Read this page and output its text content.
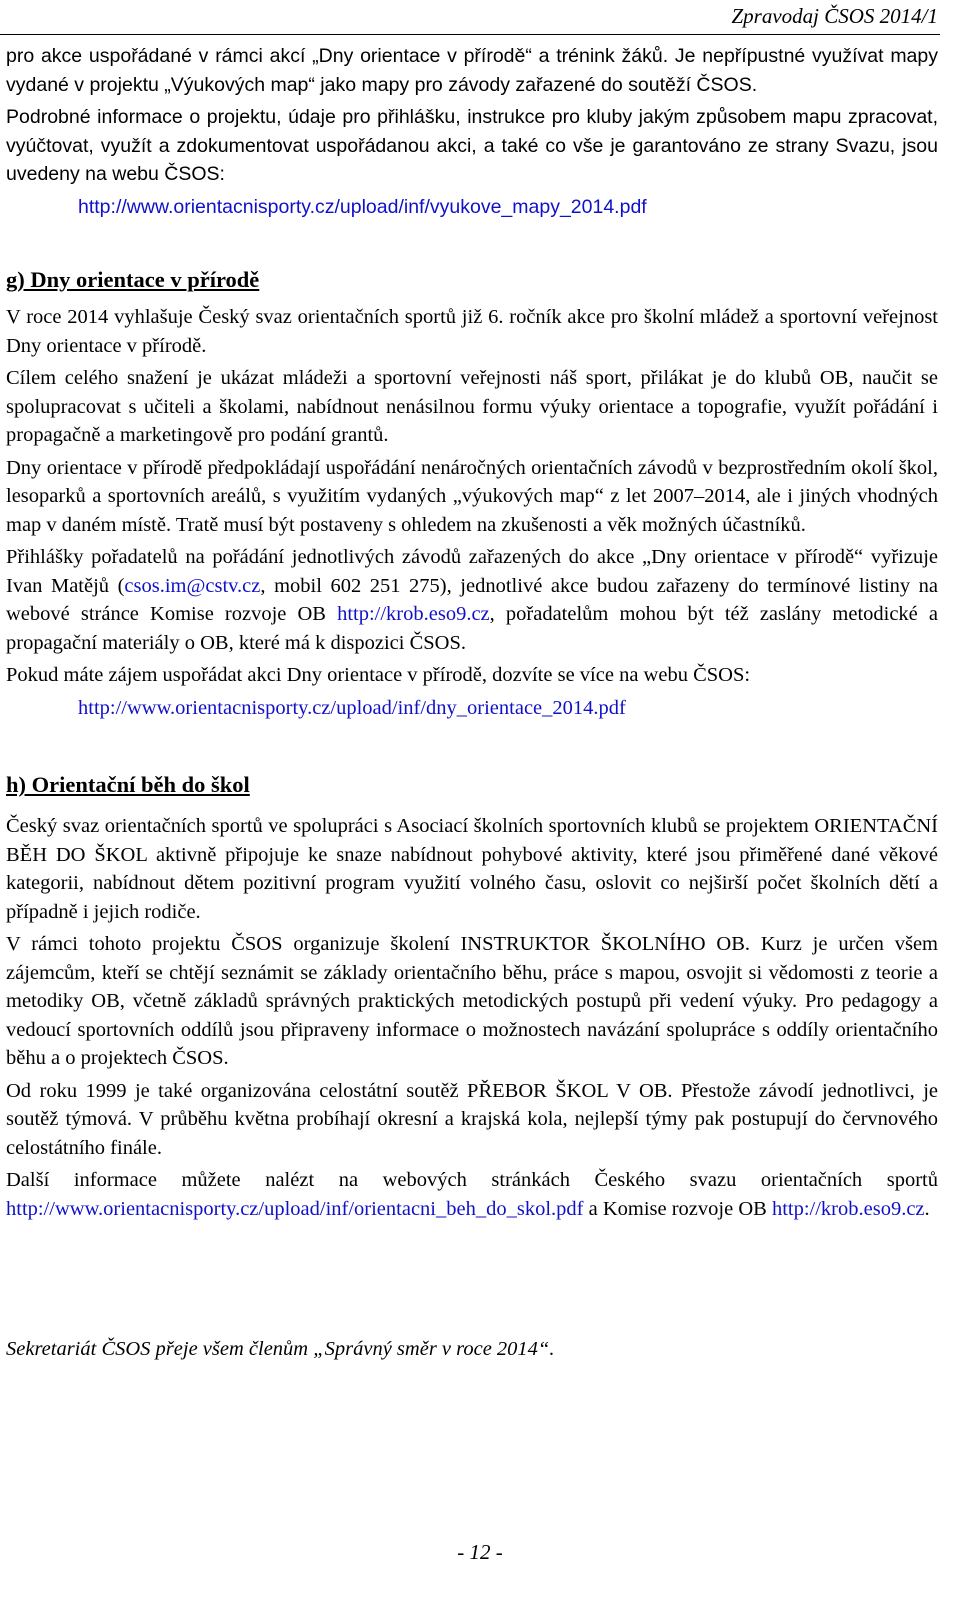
Zpravodaj ČSOS 2014/1

pro akce uspořádané v rámci akcí „Dny orientace v přírodě“ a trénink žáků. Je nepřípustné využívat mapy vydané v projektu „Výukových map“ jako mapy pro závody zařazené do soutěží ČSOS.

Podrobné informace o projektu, údaje pro přihlášku, instrukce pro kluby jakým způsobem mapu zpracovat, vyúčtovat, využít a zdokumentovat uspořádanou akci, a také co vše je garantováno ze strany Svazu, jsou uvedeny na webu ČSOS:

http://www.orientacnisporty.cz/upload/inf/vyukove_mapy_2014.pdf

g) Dny orientace v přírodě

V roce 2014 vyhlašuje Český svaz orientačních sportů již 6. ročník akce pro školní mládež a sportovní veřejnost Dny orientace v přírodě.

Cílem celého snažení je ukázat mládeži a sportovní veřejnosti náš sport, přilákat je do klubů OB, naučit se spolupracovat s učiteli a školami, nabídnout nenásilnou formu výuky orientace a topografie, využít pořádání i propagačně a marketingově pro podání grantů.

Dny orientace v přírodě předpokládají uspořádání nenáročných orientačních závodů v bezprostředním okolí škol, lesoparků a sportovních areálů, s využitím vydaných „výukových map“ z let 2007–2014, ale i jiných vhodných map v daném místě. Tratě musí být postaveny s ohledem na zkušenosti a věk možných účastníků.

Přihlášky pořadatelů na pořádání jednotlivých závodů zařazených do akce „Dny orientace v přírodě“ vyřizuje Ivan Matějů (csos.im@cstv.cz, mobil 602 251 275), jednotlivé akce budou zařazeny do termínové listiny na webové stránce Komise rozvoje OB http://krob.eso9.cz, pořadatelům mohou být též zaslány metodické a propagační materiály o OB, které má k dispozici ČSOS.

Pokud máte zájem uspořádat akci Dny orientace v přírodě, dozvíte se více na webu ČSOS:

http://www.orientacnisporty.cz/upload/inf/dny_orientace_2014.pdf

h) Orientační běh do škol

Český svaz orientačních sportů ve spolupráci s Asociací školních sportovních klubů se projektem ORIENTAČNÍ BĚH DO ŠKOL aktivně připojuje ke snaze nabídnout pohybové aktivity, které jsou přiměřené dané věkové kategorii, nabídnout dětem pozitivní program využití volného času, oslovit co nejširší počet školních dětí a případně i jejich rodiče.

V rámci tohoto projektu ČSOS organizuje školení INSTRUKTOR ŠKOLNÍHO OB. Kurz je určen všem zájemcům, kteří se chtějí seznámit se základy orientačního běhu, práce s mapou, osvojit si vědomosti z teorie a metodiky OB, včetně základů správných praktických metodických postupů při vedení výuky. Pro pedagogy a vedoucí sportovních oddílů jsou připraveny informace o možnostech navázání spolupráce s oddíly orientačního běhu a o projektech ČSOS.

Od roku 1999 je také organizována celostátní soutěž PŘEBOR ŠKOL V OB. Přestože závodí jednotlivci, je soutěž týmová. V průběhu května probíhají okresní a krajská kola, nejlepší týmy pak postupují do červnového celostátního finále.

Další informace můžete nalézt na webových stránkách Českého svazu orientačních sportů http://www.orientacnisporty.cz/upload/inf/orientacni_beh_do_skol.pdf a Komise rozvoje OB http://krob.eso9.cz.

Sekretariát ČSOS přeje všem členům „Správný směr v roce 2014“.

- 12 -
